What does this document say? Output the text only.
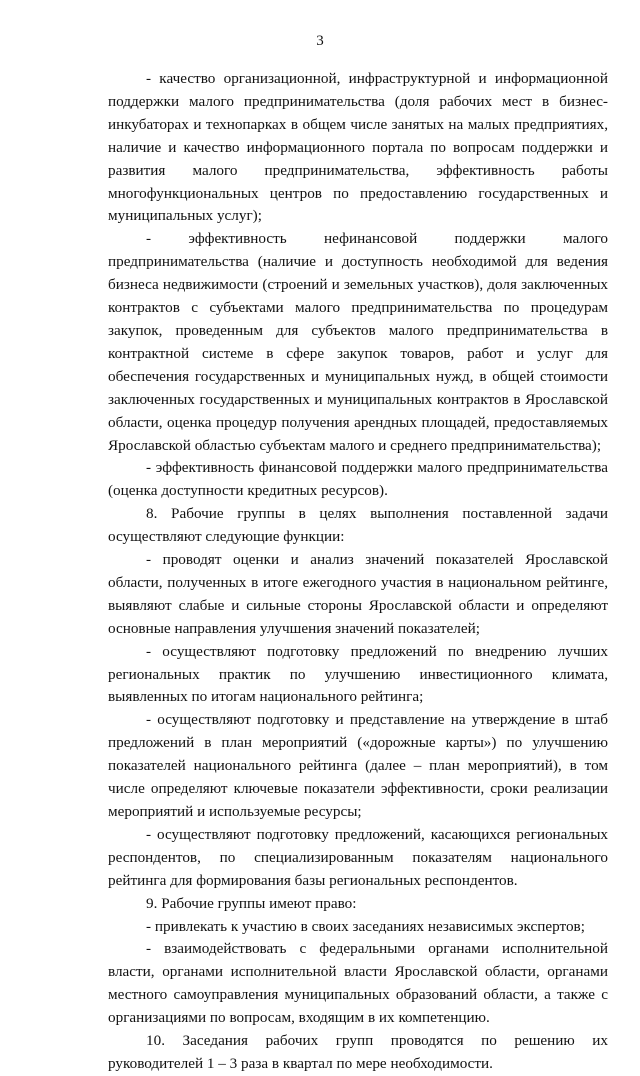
3

- качество организационной, инфраструктурной и информационной поддержки малого предпринимательства (доля рабочих мест в бизнес-инкубаторах и технопарках в общем числе занятых на малых предприятиях, наличие и качество информационного портала по вопросам поддержки и развития малого предпринимательства, эффективность работы многофункциональных центров по предоставлению государственных и муниципальных услуг);

- эффективность нефинансовой поддержки малого предпринимательства (наличие и доступность необходимой для ведения бизнеса недвижимости (строений и земельных участков), доля заключенных контрактов с субъектами малого предпринимательства по процедурам закупок, проведенным для субъектов малого предпринимательства в контрактной системе в сфере закупок товаров, работ и услуг для обеспечения государственных и муниципальных нужд, в общей стоимости заключенных государственных и муниципальных контрактов в Ярославской области, оценка процедур получения арендных площадей, предоставляемых Ярославской областью субъектам малого и среднего предпринимательства);

- эффективность финансовой поддержки малого предпринимательства (оценка доступности кредитных ресурсов).

8. Рабочие группы в целях выполнения поставленной задачи осуществляют следующие функции:

- проводят оценки и анализ значений показателей Ярославской области, полученных в итоге ежегодного участия в национальном рейтинге, выявляют слабые и сильные стороны Ярославской области и определяют основные направления улучшения значений показателей;

- осуществляют подготовку предложений по внедрению лучших региональных практик по улучшению инвестиционного климата, выявленных по итогам национального рейтинга;

- осуществляют подготовку и представление на утверждение в штаб предложений в план мероприятий («дорожные карты») по улучшению показателей национального рейтинга (далее – план мероприятий), в том числе определяют ключевые показатели эффективности, сроки реализации мероприятий и используемые ресурсы;

- осуществляют подготовку предложений, касающихся региональных респондентов, по специализированным показателям национального рейтинга для формирования базы региональных респондентов.

9. Рабочие группы имеют право:

- привлекать к участию в своих заседаниях независимых экспертов;

- взаимодействовать с федеральными органами исполнительной власти, органами исполнительной власти Ярославской области, органами местного самоуправления муниципальных образований области, а также с организациями по вопросам, входящим в их компетенцию.

10. Заседания рабочих групп проводятся по решению их руководителей 1 – 3 раза в квартал по мере необходимости.
